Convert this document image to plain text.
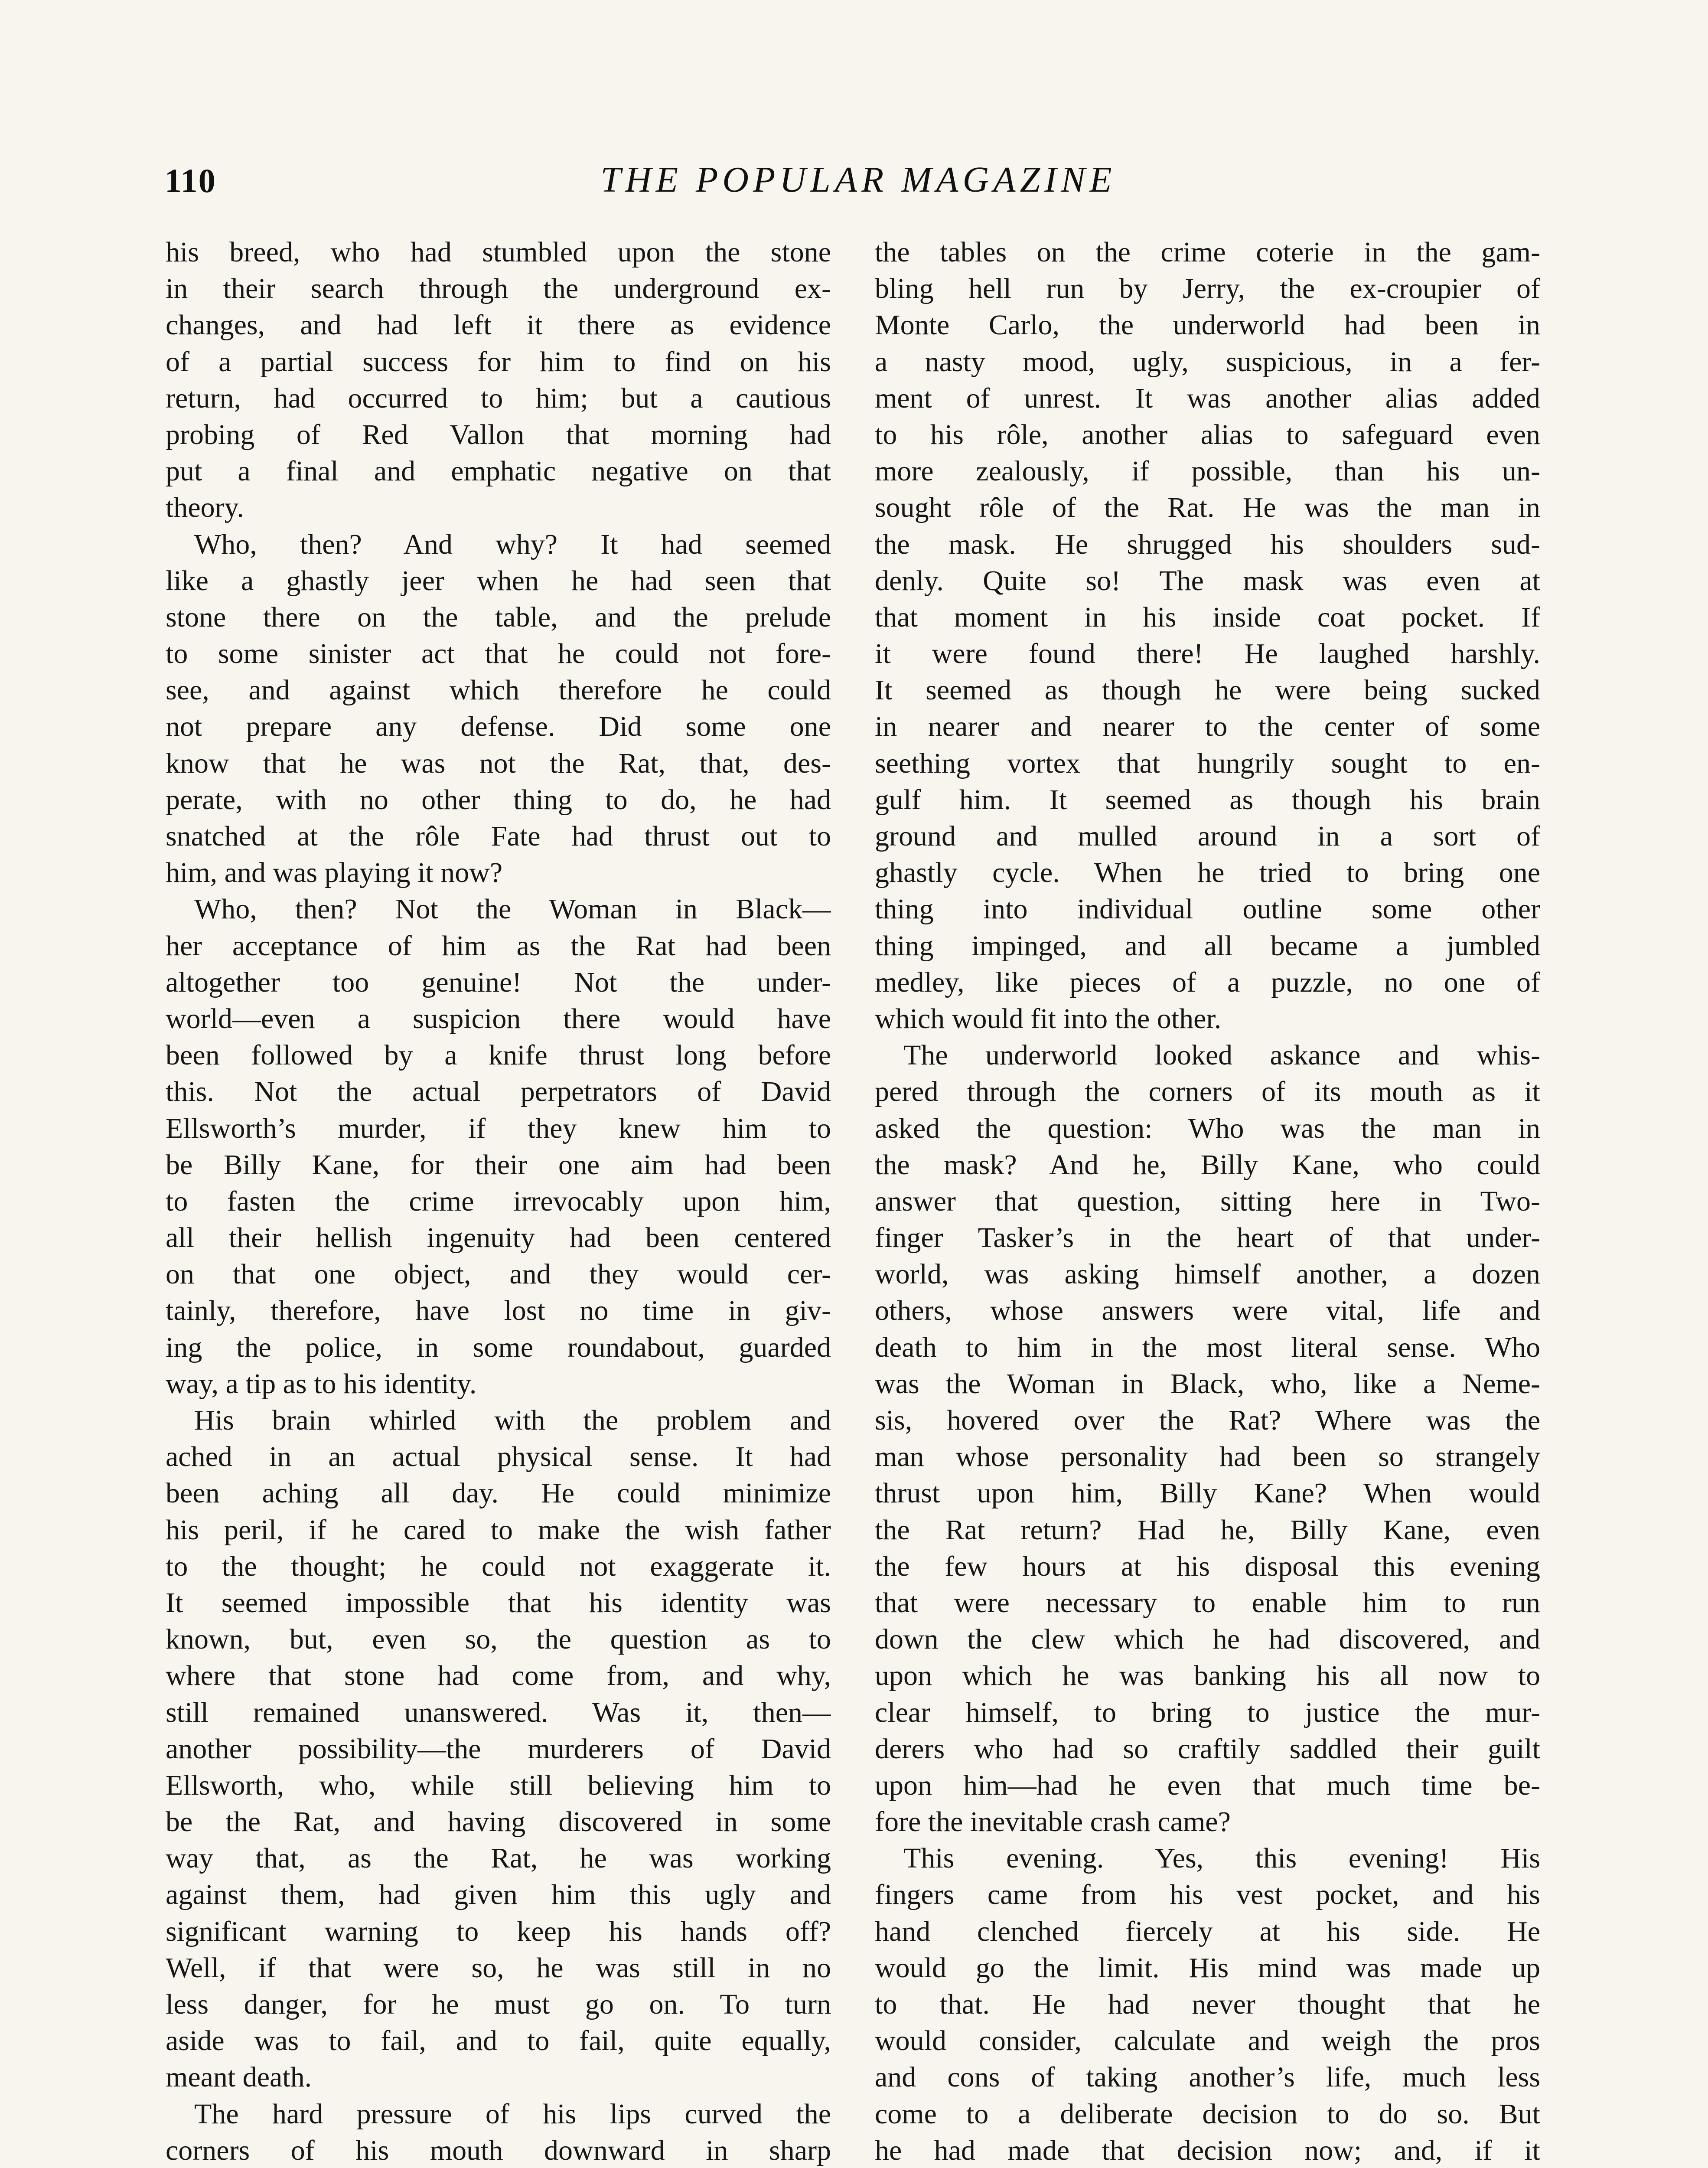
110	THE POPULAR MAGAZINE
his breed, who had stumbled upon the stone
in their search through the underground ex-
changes, and had left it there as evidence
of a partial success for him to find on his
return, had occurred to him; but a cautious
probing of Red Vallon that morning had
put a final and emphatic negative on that
theory.
Who, then? And why? It had seemed
like a ghastly jeer when he had seen that
stone there on the table, and the prelude
to some sinister act that he could not fore-
see, and against which therefore he could
not prepare any defense. Did some one
know that he was not the Rat, that, des-
perate, with no other thing to do, he had
snatched at the rôle Fate had thrust out to
him, and was playing it now?
Who, then? Not the Woman in Black—
her acceptance of him as the Rat had been
altogether too genuine! Not the under-
world—even a suspicion there would have
been followed by a knife thrust long before
this. Not the actual perpetrators of David
Ellsworth’s murder, if they knew him to
be Billy Kane, for their one aim had been
to fasten the crime irrevocably upon him,
all their hellish ingenuity had been centered
on that one object, and they would cer-
tainly, therefore, have lost no time in giv-
ing the police, in some roundabout, guarded
way, a tip as to his identity.
His brain whirled with the problem and
ached in an actual physical sense. It had
been aching all day. He could minimize
his peril, if he cared to make the wish father
to the thought; he could not exaggerate it.
It seemed impossible that his identity was
known, but, even so, the question as to
where that stone had come from, and why,
still remained unanswered. Was it, then—
another possibility—the murderers of David
Ellsworth, who, while still believing him to
be the Rat, and having discovered in some
way that, as the Rat, he was working
against them, had given him this ugly and
significant warning to keep his hands off?
Well, if that were so, he was still in no
less danger, for he must go on. To turn
aside was to fail, and to fail, quite equally,
meant death.
The hard pressure of his lips curved the
corners of his mouth downward in sharp
the tables on the crime coterie in the gam-
bling hell run by Jerry, the ex-croupier of
Monte Carlo, the underworld had been in
a nasty mood, ugly, suspicious, in a fer-
ment of unrest. It was another alias added
to his rôle, another alias to safeguard even
more zealously, if possible, than his un-
sought rôle of the Rat. He was the man in
the mask. He shrugged his shoulders sud-
denly. Quite so! The mask was even at
that moment in his inside coat pocket. If
it were found there! He laughed harshly.
It seemed as though he were being sucked
in nearer and nearer to the center of some
seething vortex that hungrily sought to en-
gulf him. It seemed as though his brain
ground and mulled around in a sort of
ghastly cycle. When he tried to bring one
thing into individual outline some other
thing impinged, and all became a jumbled
medley, like pieces of a puzzle, no one of
which would fit into the other.
The underworld looked askance and whis-
pered through the corners of its mouth as it
asked the question: Who was the man in
the mask? And he, Billy Kane, who could
answer that question, sitting here in Two-
finger Tasker’s in the heart of that under-
world, was asking himself another, a dozen
others, whose answers were vital, life and
death to him in the most literal sense. Who
was the Woman in Black, who, like a Neme-
sis, hovered over the Rat? Where was the
man whose personality had been so strangely
thrust upon him, Billy Kane? When would
the Rat return? Had he, Billy Kane, even
the few hours at his disposal this evening
that were necessary to enable him to run
down the clew which he had discovered, and
upon which he was banking his all now to
clear himself, to bring to justice the mur-
derers who had so craftily saddled their guilt
upon him—had he even that much time be-
fore the inevitable crash came?
This evening. Yes, this evening! His
fingers came from his vest pocket, and his
hand clenched fiercely at his side. He
would go the limit. His mind was made up
to that. He had never thought that he
would consider, calculate and weigh the pros
and cons of taking another’s life, much less
come to a deliberate decision to do so. But
he had made that decision now; and, if it
